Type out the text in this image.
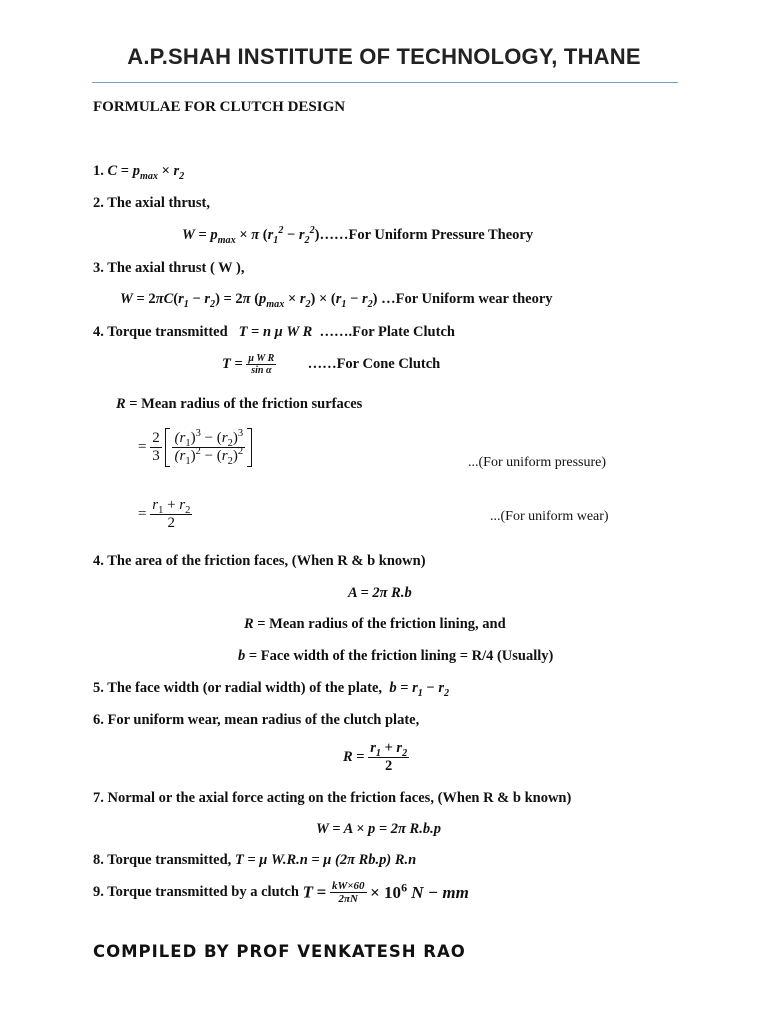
A.P.SHAH INSTITUTE OF TECHNOLOGY, THANE
FORMULAE FOR CLUTCH DESIGN
1. $C = p_{max} \times r_2$
2. The axial thrust,
$W = p_{max} \times \pi$ ($r_1^2$ − $r_2^2)\dots\dots For$ Uniform Pressure Theory
3. The axial thrust ( W ),
$W = 2\pi C(r_1 - r_2) = 2\pi$ $(p_{max} \times r_2) \times (r_1 - r_2)$ …For Uniform wear theory
4. Torque transmitted T = n μ W R …….For Plate Clutch
$T = \frac{\text{μ W R}}{\text{sin α}}$ ……For Cone Clutch
R = Mean radius of the friction surfaces
= $\frac{2}{3}$
$\frac{(r_1)^3 - (r_2)^3}{(r_1)^2 - (r_2)^2}$	...(For uniform pressure)
= $\frac{r_1 + r_2}{2}$	...(For uniform wear)
4. The area of the friction faces, (When R & b known)
A = 2π R.b
R = Mean radius of the friction lining, and
b = Face width of the friction lining = R/4 (Usually)
5. The face width (or radial width) of the plate, $b = r_1 - r_2$
6. For uniform wear, mean radius of the clutch plate,
$R = \frac{r_1 + r_2}{2}$
7. Normal or the axial force acting on the friction faces, (When R & b known)
W = A × p = 2π R.b.p
8. Torque transmitted, T = μ W.R.n = μ (2π Rb.p) R.n
9. Torque transmitted by a clutch $T = \frac{kW\times 60}{2\pi N} \times 10^6$ N − mm
COMPILED BY PROF VENKATESH RAO
